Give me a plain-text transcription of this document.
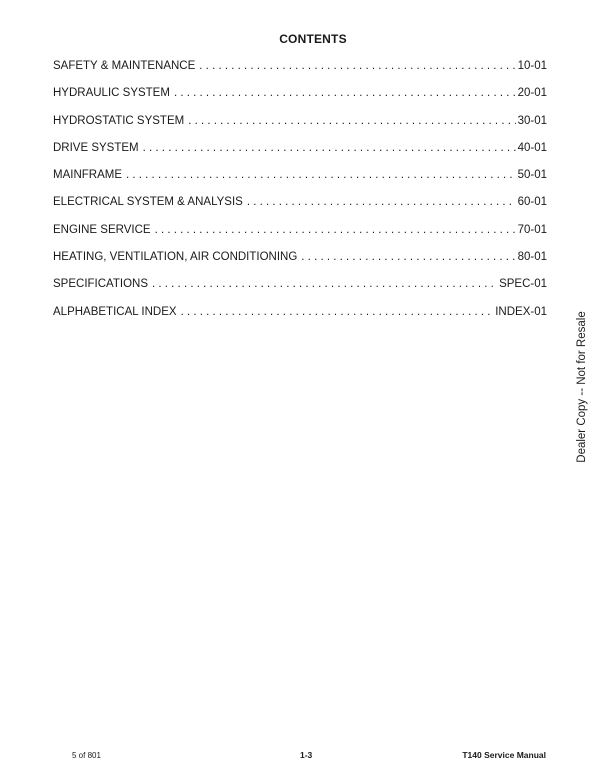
CONTENTS
SAFETY & MAINTENANCE . . .	10-01
HYDRAULIC SYSTEM . . .	20-01
HYDROSTATIC SYSTEM . . .	30-01
DRIVE SYSTEM . . .	40-01
MAINFRAME . . .	50-01
ELECTRICAL SYSTEM & ANALYSIS . . .	60-01
ENGINE SERVICE . . .	70-01
HEATING, VENTILATION, AIR CONDITIONING . . .	80-01
SPECIFICATIONS . . .	SPEC-01
ALPHABETICAL INDEX . . .	INDEX-01	Dealer Copy -- Not for Resale
5 of 801	1-3	T140 Service Manual
